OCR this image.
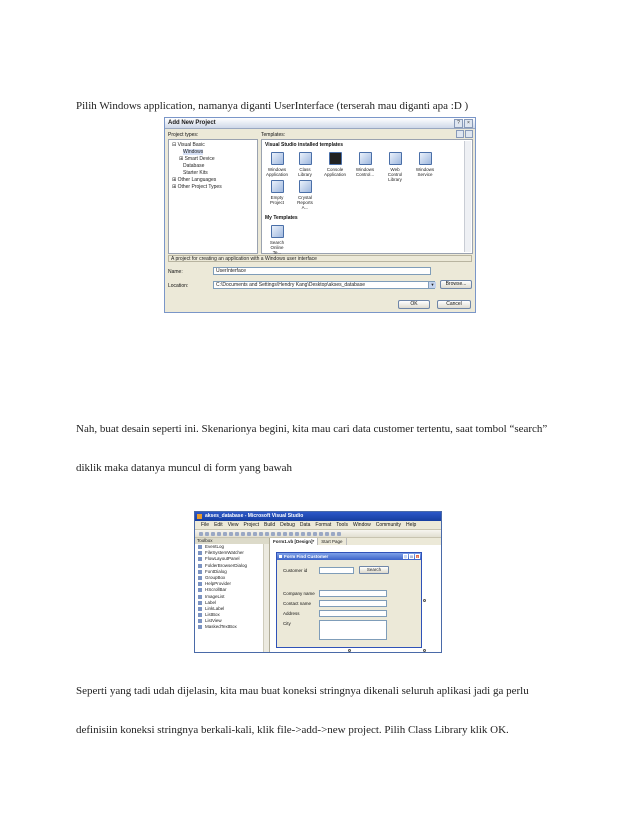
Pilih Windows application, namanya diganti UserInterface (terserah mau diganti apa :D )
Add New Project	?	×
Project types:	Templates:
⊟ Visual Basic
Windows
⊞ Smart Device
Database
Starter Kits
⊞ Other Languages
⊞ Other Project Types
Visual Studio installed templates
Windows Application
Class Library
Console Application
Windows Control...
Web Control Library
Windows Service
Empty Project
Crystal Reports A...
My Templates
Search Online Te...
A project for creating an application with a Windows user interface
Name:	UserInterface
Location:	C:\Documents and Settings\Hendry Kang\Desktop\akses_database	▼	Browse...
OK	Cancel
Nah, buat desain seperti ini. Skenarionya begini, kita mau cari data customer tertentu, saat tombol “search”
diklik maka datanya muncul di form yang bawah
akses_database - Microsoft Visual Studio
File Edit View Project Build Debug Data Format Tools Window Community Help
Toolbox
EventLog
FileSystemWatcher
FlowLayoutPanel
FolderBrowserDialog
FontDialog
GroupBox
HelpProvider
HScrollBar
ImageList
Label
LinkLabel
ListBox
ListView
MaskedTextBox
Form1.vb [Design]*	Start Page
Form Find Customer	_	□	×
Customer id	Search
Company name
Contact name
Address
City
Seperti yang tadi udah dijelasin, kita mau buat koneksi stringnya dikenali seluruh aplikasi jadi ga perlu
definisiin koneksi stringnya berkali-kali, klik file->add->new project. Pilih Class Library klik OK.
